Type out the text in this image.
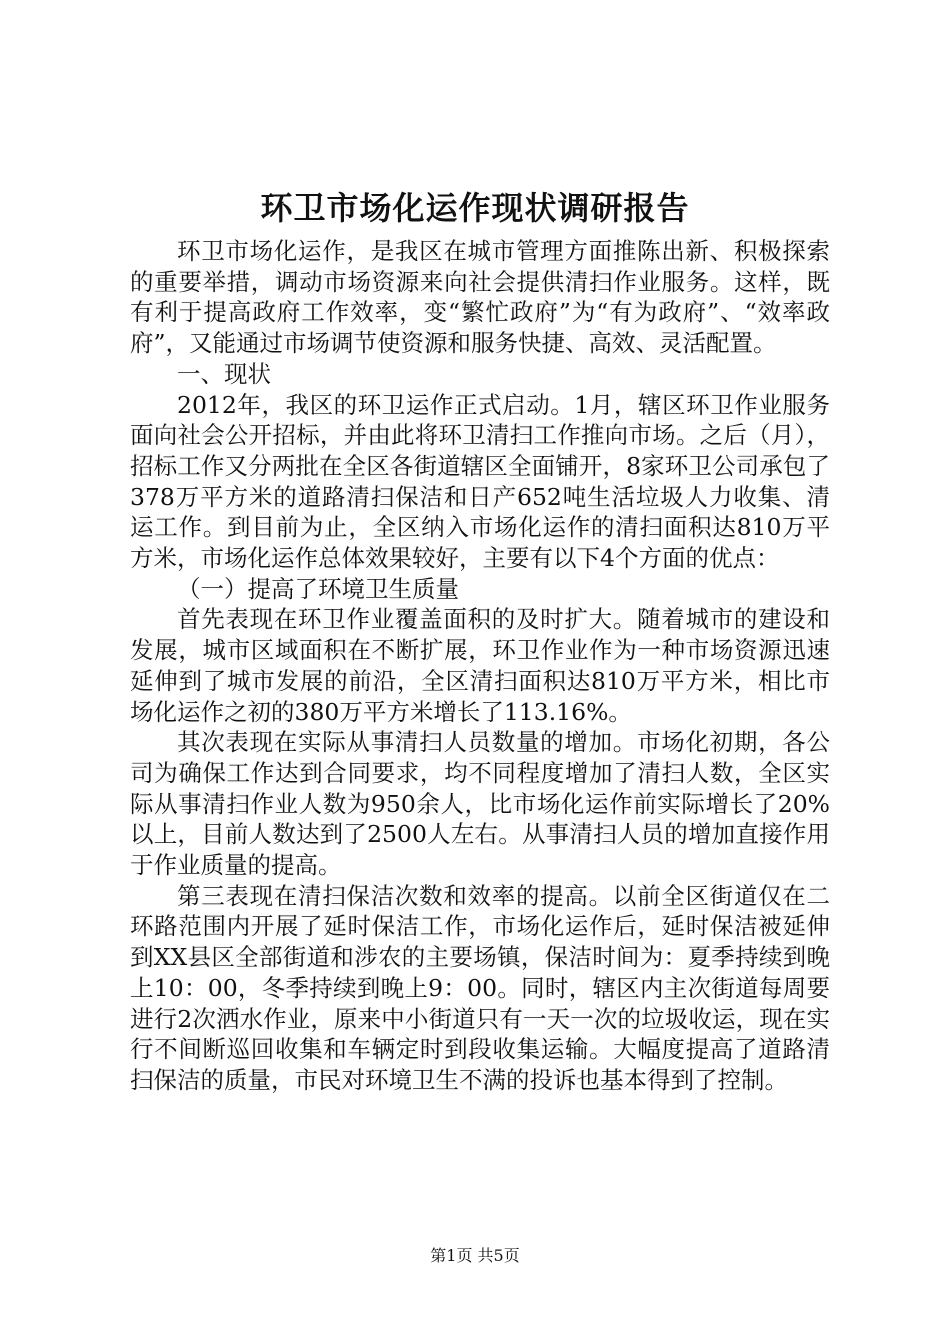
环卫市场化运作现状调研报告

环卫市场化运作，是我区在城市管理方面推陈出新、积极探索的重要举措，调动市场资源来向社会提供清扫作业服务。这样，既有利于提高政府工作效率，变“繁忙政府”为“有为政府”、“效率政府”，又能通过市场调节使资源和服务快捷、高效、灵活配置。

一、现状

2012年，我区的环卫运作正式启动。1月，辖区环卫作业服务面向社会公开招标，并由此将环卫清扫工作推向市场。之后（月），招标工作又分两批在全区各街道辖区全面铺开，8家环卫公司承包了378万平方米的道路清扫保洁和日产652吨生活垃圾人力收集、清运工作。到目前为止，全区纳入市场化运作的清扫面积达810万平方米，市场化运作总体效果较好，主要有以下4个方面的优点：

（一）提高了环境卫生质量

首先表现在环卫作业覆盖面积的及时扩大。随着城市的建设和发展，城市区域面积在不断扩展，环卫作业作为一种市场资源迅速延伸到了城市发展的前沿，全区清扫面积达810万平方米，相比市场化运作之初的380万平方米增长了113.16%。

其次表现在实际从事清扫人员数量的增加。市场化初期，各公司为确保工作达到合同要求，均不同程度增加了清扫人数，全区实际从事清扫作业人数为950余人，比市场化运作前实际增长了20%以上，目前人数达到了2500人左右。从事清扫人员的增加直接作用于作业质量的提高。

第三表现在清扫保洁次数和效率的提高。以前全区街道仅在二环路范围内开展了延时保洁工作，市场化运作后，延时保洁被延伸到XX县区全部街道和涉农的主要场镇，保洁时间为：夏季持续到晚上10：00，冬季持续到晚上9：00。同时，辖区内主次街道每周要进行2次洒水作业，原来中小街道只有一天一次的垃圾收运，现在实行不间断巡回收集和车辆定时到段收集运输。大幅度提高了道路清扫保洁的质量，市民对环境卫生不满的投诉也基本得到了控制。

第1页 共5页
